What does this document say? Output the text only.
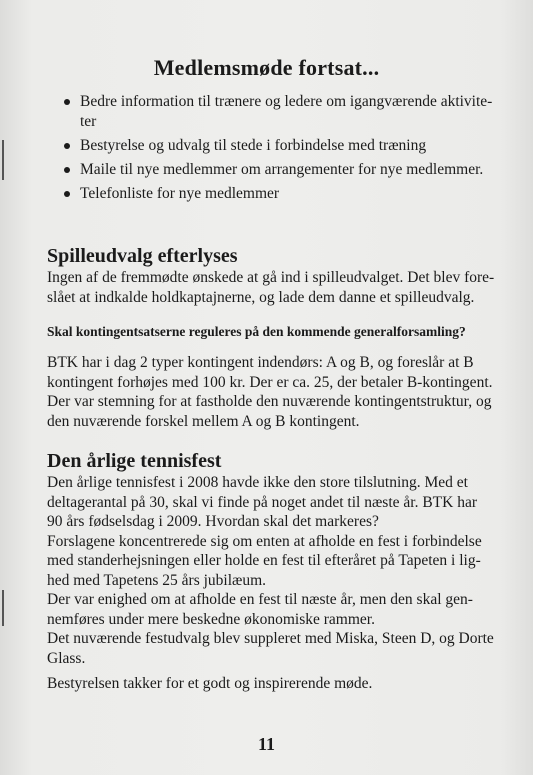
Medlemsmøde fortsat...
Bedre information til trænere og ledere om igangværende aktivite-
ter
Bestyrelse og udvalg til stede i forbindelse med træning
Maile til nye medlemmer om arrangementer for nye medlemmer.
Telefonliste for nye medlemmer
Spilleudvalg efterlyses
Ingen af de fremmødte ønskede at gå ind i spilleudvalget. Det blev fore-
slået at indkalde holdkaptajnerne, og lade dem danne et spilleudvalg.
Skal kontingentsatserne reguleres på den kommende generalforsamling?
BTK har i dag 2 typer kontingent indendørs: A og B, og foreslår at B
kontingent forhøjes med 100 kr. Der er ca. 25, der betaler B-kontingent.
Der var stemning for at fastholde den nuværende kontingentstruktur, og
den nuværende forskel mellem A og B kontingent.
Den årlige tennisfest
Den årlige tennisfest i 2008 havde ikke den store tilslutning. Med et
deltagerantal på 30, skal vi finde på noget andet til næste år. BTK har
90 års fødselsdag i 2009. Hvordan skal det markeres?
Forslagene koncentrerede sig om enten at afholde en fest i forbindelse
med standerhejsningen eller holde en fest til efteråret på Tapeten i lig-
hed med Tapetens 25 års jubilæum.
Der var enighed om at afholde en fest til næste år, men den skal gen-
nemføres under mere beskedne økonomiske rammer.
Det nuværende festudvalg blev suppleret med Miska, Steen D, og Dorte
Glass.
Bestyrelsen takker for et godt og inspirerende møde.
11
